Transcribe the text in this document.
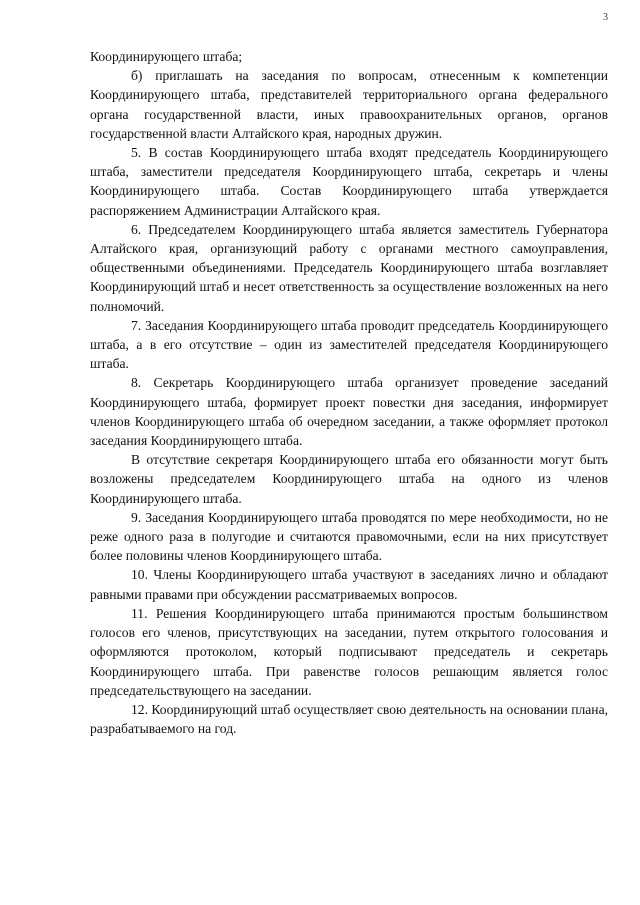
3

Координирующего штаба;

б) приглашать на заседания по вопросам, отнесенным к компетенции Координирующего штаба, представителей территориального органа федерального органа государственной власти, иных правоохранительных органов, органов государственной власти Алтайского края, народных дружин.

5. В состав Координирующего штаба входят председатель Координирующего штаба, заместители председателя Координирующего штаба, секретарь и члены Координирующего штаба. Состав Координирующего штаба утверждается распоряжением Администрации Алтайского края.

6. Председателем Координирующего штаба является заместитель Губернатора Алтайского края, организующий работу с органами местного самоуправления, общественными объединениями. Председатель Координирующего штаба возглавляет Координирующий штаб и несет ответственность за осуществление возложенных на него полномочий.

7. Заседания Координирующего штаба проводит председатель Координирующего штаба, а в его отсутствие – один из заместителей председателя Координирующего штаба.

8. Секретарь Координирующего штаба организует проведение заседаний Координирующего штаба, формирует проект повестки дня заседания, информирует членов Координирующего штаба об очередном заседании, а также оформляет протокол заседания Координирующего штаба.

В отсутствие секретаря Координирующего штаба его обязанности могут быть возложены председателем Координирующего штаба на одного из членов Координирующего штаба.

9. Заседания Координирующего штаба проводятся по мере необходимости, но не реже одного раза в полугодие и считаются правомочными, если на них присутствует более половины членов Координирующего штаба.

10. Члены Координирующего штаба участвуют в заседаниях лично и обладают равными правами при обсуждении рассматриваемых вопросов.

11. Решения Координирующего штаба принимаются простым большинством голосов его членов, присутствующих на заседании, путем открытого голосования и оформляются протоколом, который подписывают председатель и секретарь Координирующего штаба. При равенстве голосов решающим является голос председательствующего на заседании.

12. Координирующий штаб осуществляет свою деятельность на основании плана, разрабатываемого на год.
